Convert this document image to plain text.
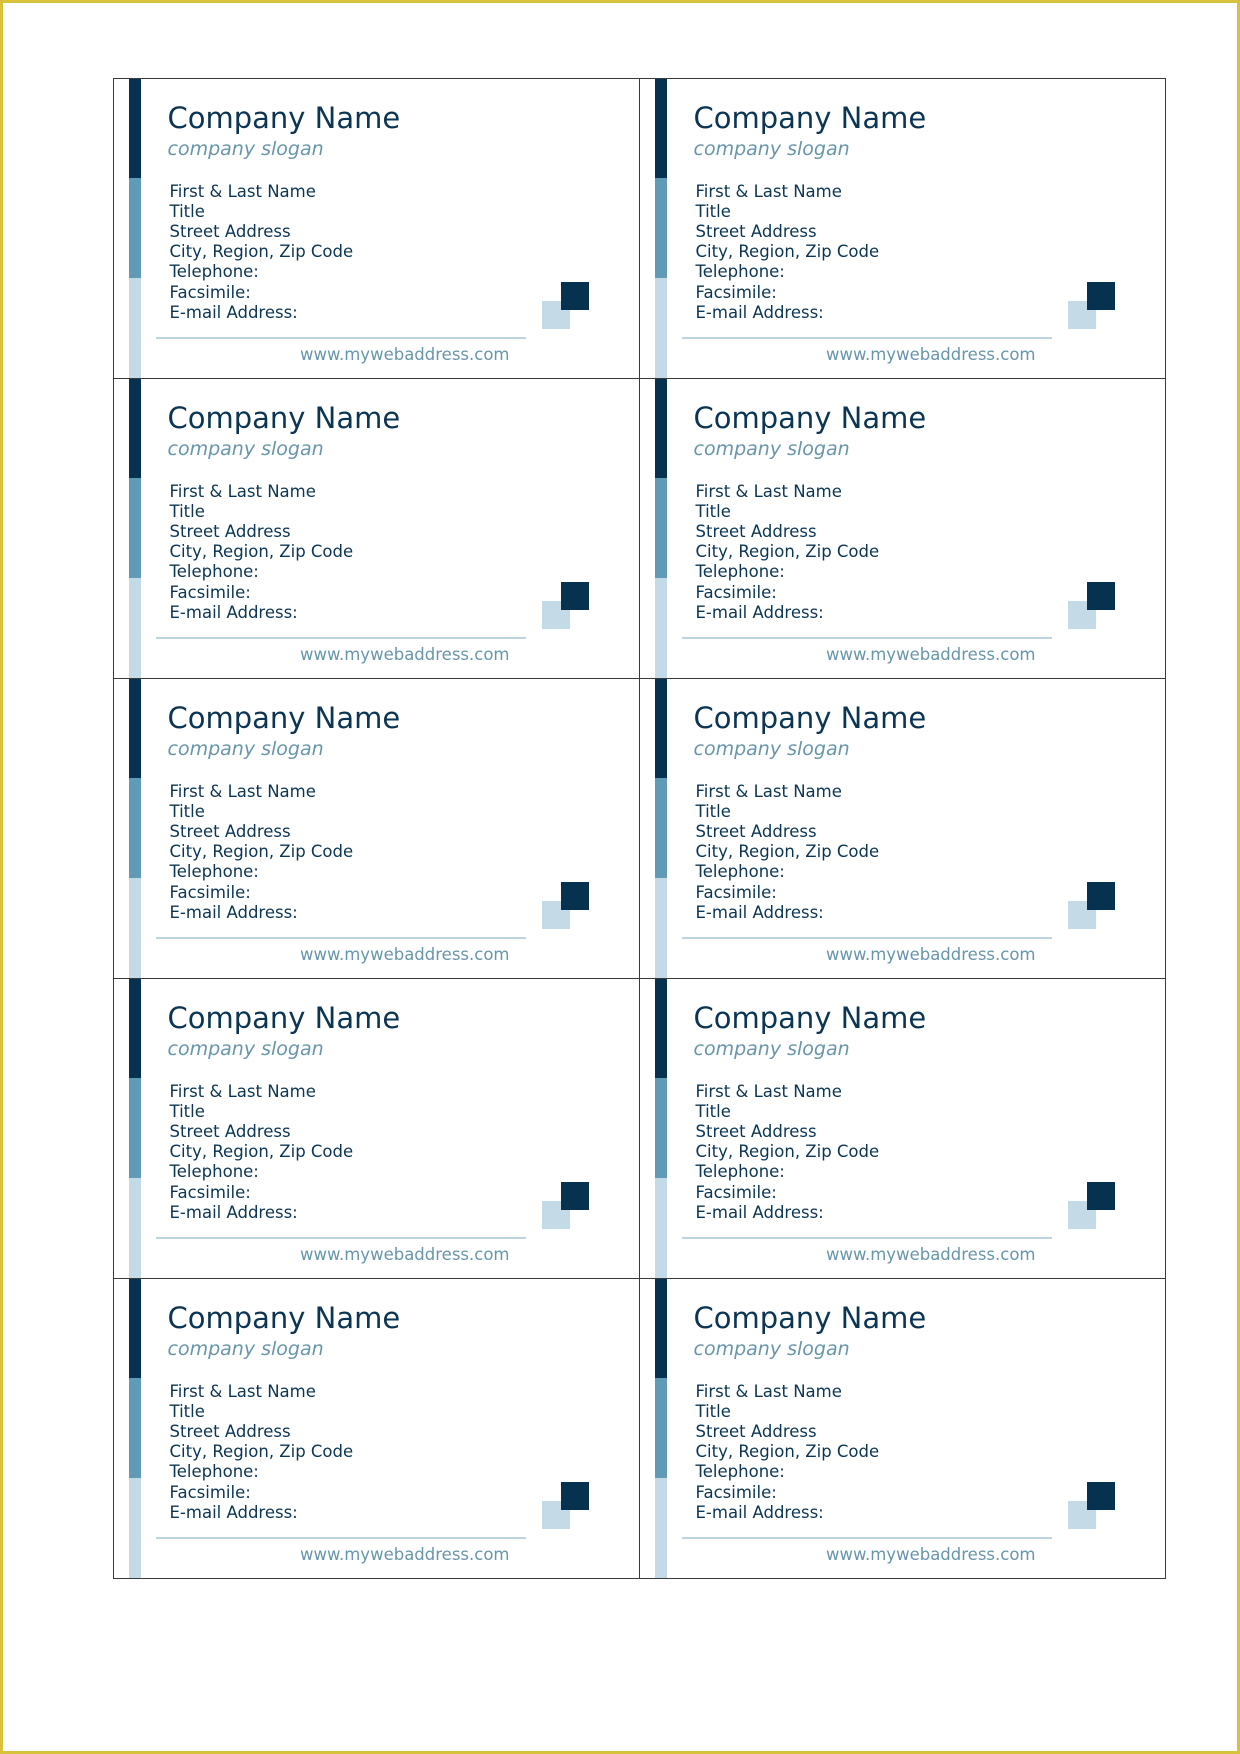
Company Name

company slogan

First & Last Name
Title
Street Address
City, Region, Zip Code
Telephone:
Facsimile:
E-mail Address:
www.mywebaddress.com
Company Name

company slogan

First & Last Name
Title
Street Address
City, Region, Zip Code
Telephone:
Facsimile:
E-mail Address:
www.mywebaddress.com
Company Name

company slogan

First & Last Name
Title
Street Address
City, Region, Zip Code
Telephone:
Facsimile:
E-mail Address:
www.mywebaddress.com
Company Name

company slogan

First & Last Name
Title
Street Address
City, Region, Zip Code
Telephone:
Facsimile:
E-mail Address:
www.mywebaddress.com
Company Name

company slogan

First & Last Name
Title
Street Address
City, Region, Zip Code
Telephone:
Facsimile:
E-mail Address:
www.mywebaddress.com
Company Name

company slogan

First & Last Name
Title
Street Address
City, Region, Zip Code
Telephone:
Facsimile:
E-mail Address:
www.mywebaddress.com
Company Name

company slogan

First & Last Name
Title
Street Address
City, Region, Zip Code
Telephone:
Facsimile:
E-mail Address:
www.mywebaddress.com
Company Name

company slogan

First & Last Name
Title
Street Address
City, Region, Zip Code
Telephone:
Facsimile:
E-mail Address:
www.mywebaddress.com
Company Name

company slogan

First & Last Name
Title
Street Address
City, Region, Zip Code
Telephone:
Facsimile:
E-mail Address:
www.mywebaddress.com
Company Name

company slogan

First & Last Name
Title
Street Address
City, Region, Zip Code
Telephone:
Facsimile:
E-mail Address:
www.mywebaddress.com
